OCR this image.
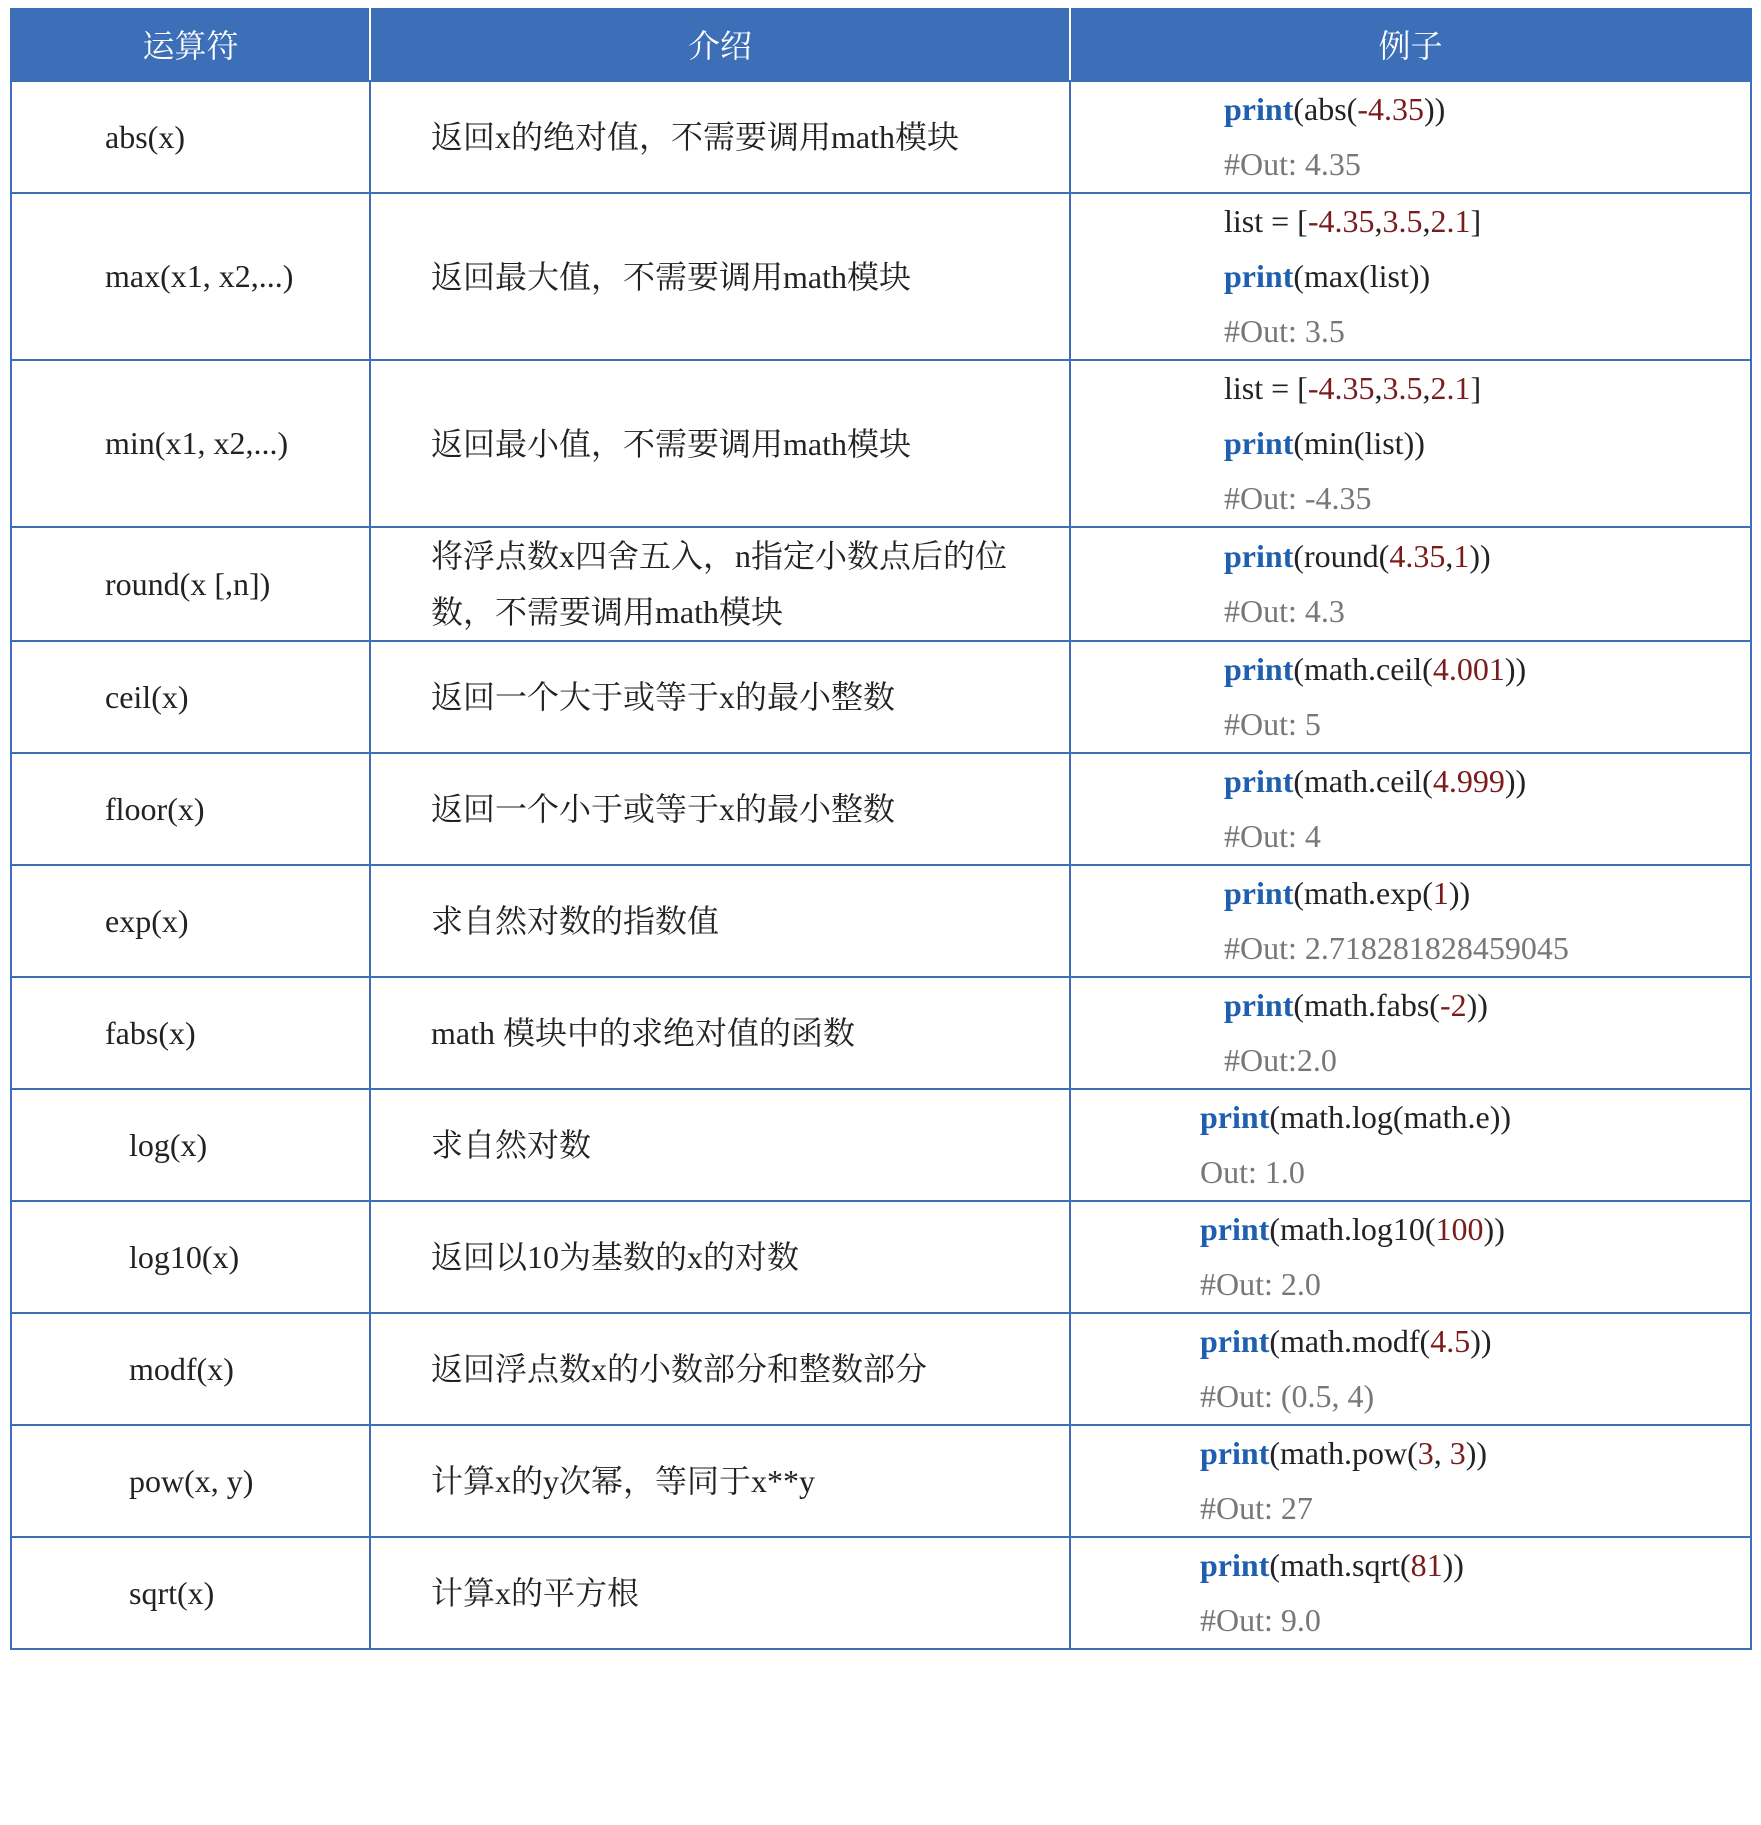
运算符	介绍	例子
abs(x)	返回x的绝对值，不需要调用math模块	print(abs(-4.35))
#Out: 4.35

max(x1, x2,...)	返回最大值，不需要调用math模块	list = [-4.35,3.5,2.1]
print(max(list))
#Out: 3.5

min(x1, x2,...)	返回最小值，不需要调用math模块	list = [-4.35,3.5,2.1]
print(min(list))
#Out: -4.35

round(x [,n])	将浮点数x四舍五入，n指定小数点后的位数，不需要调用math模块	print(round(4.35,1))
#Out: 4.3

ceil(x)	返回一个大于或等于x的最小整数	print(math.ceil(4.001))
#Out: 5

floor(x)	返回一个小于或等于x的最小整数	print(math.ceil(4.999))
#Out: 4

exp(x)	求自然对数的指数值	print(math.exp(1))
#Out: 2.718281828459045

fabs(x)	math 模块中的求绝对值的函数	print(math.fabs(-2))
#Out:2.0

log(x)	求自然对数	print(math.log(math.e))
Out: 1.0

log10(x)	返回以10为基数的x的对数	print(math.log10(100))
#Out: 2.0

modf(x)	返回浮点数x的小数部分和整数部分	print(math.modf(4.5))
#Out: (0.5, 4)

pow(x, y)	计算x的y次幂，等同于x**y	print(math.pow(3, 3))
#Out: 27

sqrt(x)	计算x的平方根	print(math.sqrt(81))
#Out: 9.0
